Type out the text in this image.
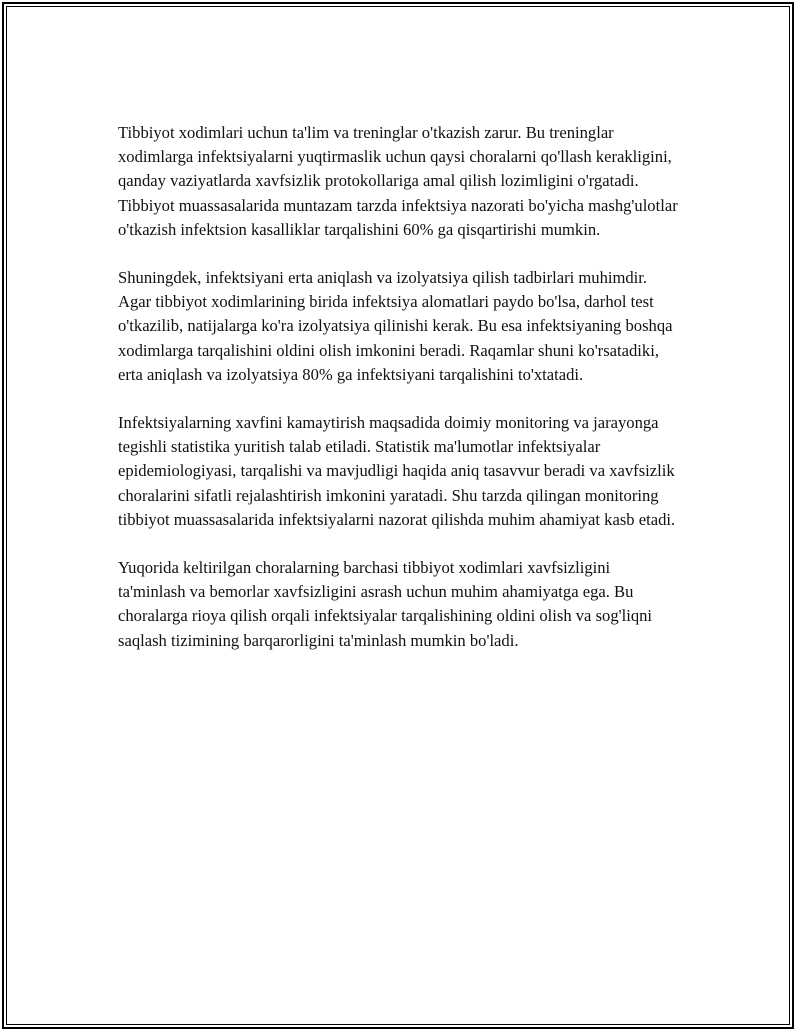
Tibbiyot xodimlari uchun ta'lim va treninglar o'tkazish zarur. Bu treninglar xodimlarga infektsiyalarni yuqtirmaslik uchun qaysi choralarni qo'llash kerakligini, qanday vaziyatlarda xavfsizlik protokollariga amal qilish lozimligini o'rgatadi. Tibbiyot muassasalarida muntazam tarzda infektsiya nazorati bo'yicha mashg'ulotlar o'tkazish infektsion kasalliklar tarqalishini 60% ga qisqartirishi mumkin.

Shuningdek, infektsiyani erta aniqlash va izolyatsiya qilish tadbirlari muhimdir. Agar tibbiyot xodimlarining birida infektsiya alomatlari paydo bo'lsa, darhol test o'tkazilib, natijalarga ko'ra izolyatsiya qilinishi kerak. Bu esa infektsiyaning boshqa xodimlarga tarqalishini oldini olish imkonini beradi. Raqamlar shuni ko'rsatadiki, erta aniqlash va izolyatsiya 80% ga infektsiyani tarqalishini to'xtatadi.

Infektsiyalarning xavfini kamaytirish maqsadida doimiy monitoring va jarayonga tegishli statistika yuritish talab etiladi. Statistik ma'lumotlar infektsiyalar epidemiologiyasi, tarqalishi va mavjudligi haqida aniq tasavvur beradi va xavfsizlik choralarini sifatli rejalashtirish imkonini yaratadi. Shu tarzda qilingan monitoring tibbiyot muassasalarida infektsiyalarni nazorat qilishda muhim ahamiyat kasb etadi.

Yuqorida keltirilgan choralarning barchasi tibbiyot xodimlari xavfsizligini ta'minlash va bemorlar xavfsizligini asrash uchun muhim ahamiyatga ega. Bu choralarga rioya qilish orqali infektsiyalar tarqalishining oldini olish va sog'liqni saqlash tizimining barqarorligini ta'minlash mumkin bo'ladi.
